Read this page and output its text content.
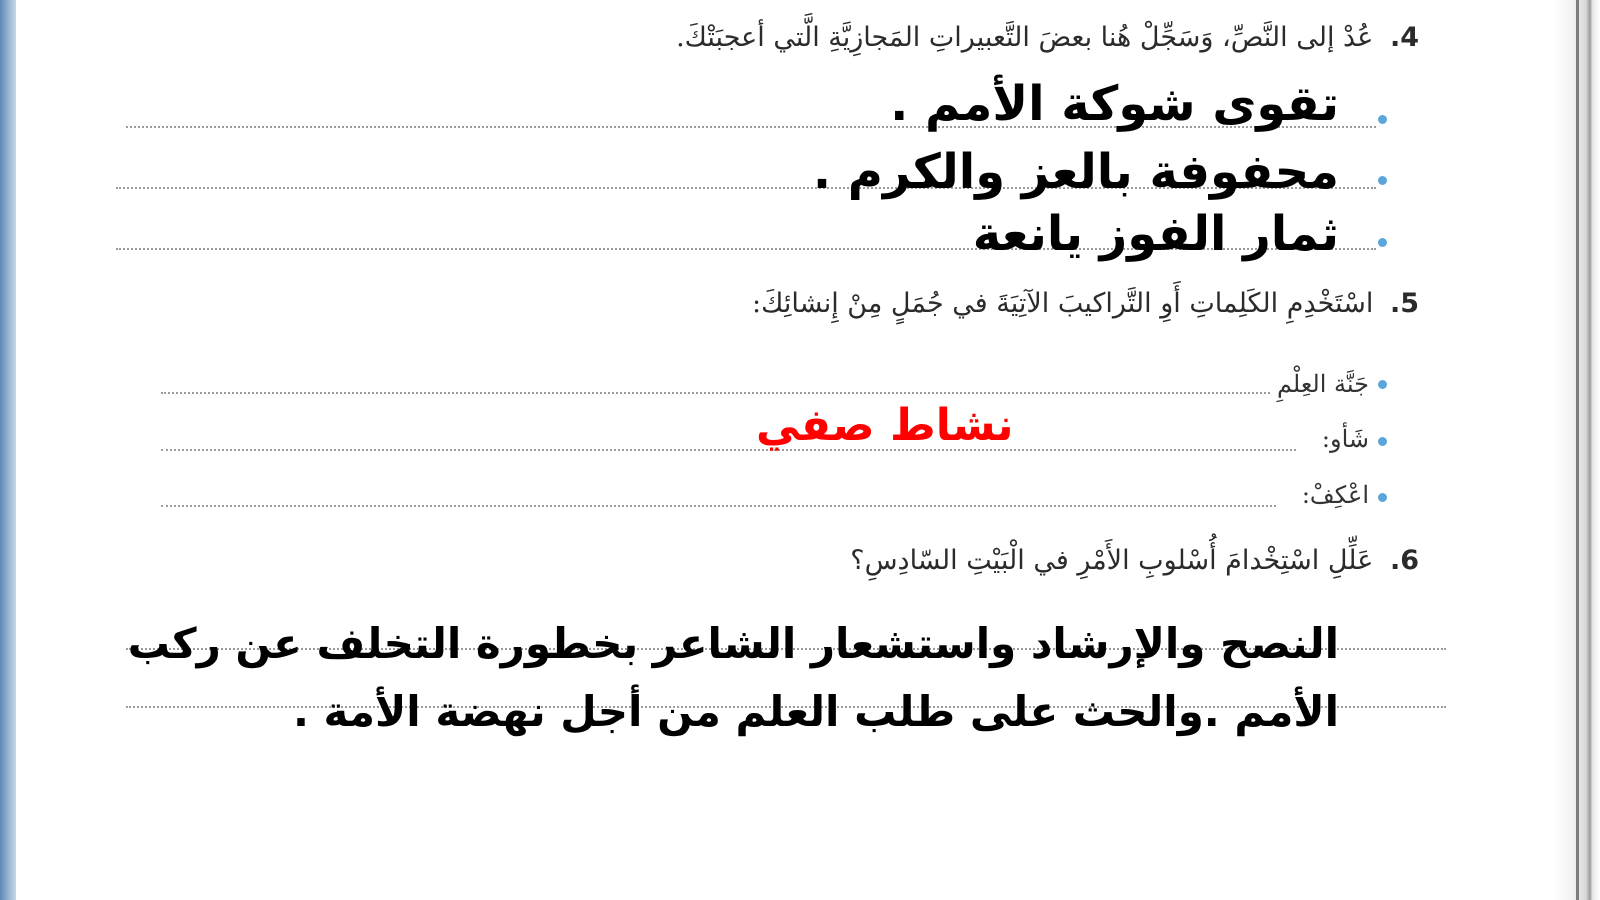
4. عُدْ إلى النَّصِّ، وَسَجِّلْ هُنا بعضَ التَّعبيراتِ المَجازِيَّةِ الَّتي أعجبَتْكَ.
تقوى شوكة الأمم .
محفوفة بالعز والكرم .
ثمار الفوز يانعة
5. اسْتَخْدِمِ الكَلِماتِ أَوِ التَّراكيبَ الآتِيَةَ في جُمَلٍ مِنْ إِنشائِكَ:
جَنَّة العِلْمِ
شَأو:
اعْكِفْ:
نشاط صفي
6. عَلِّلِ اسْتِخْدامَ أُسْلوبِ الأَمْرِ في الْبَيْتِ السّادِسِ؟
النصح والإرشاد واستشعار الشاعر بخطورة التخلف عن ركب الأمم .والحث على طلب العلم من أجل نهضة الأمة .
